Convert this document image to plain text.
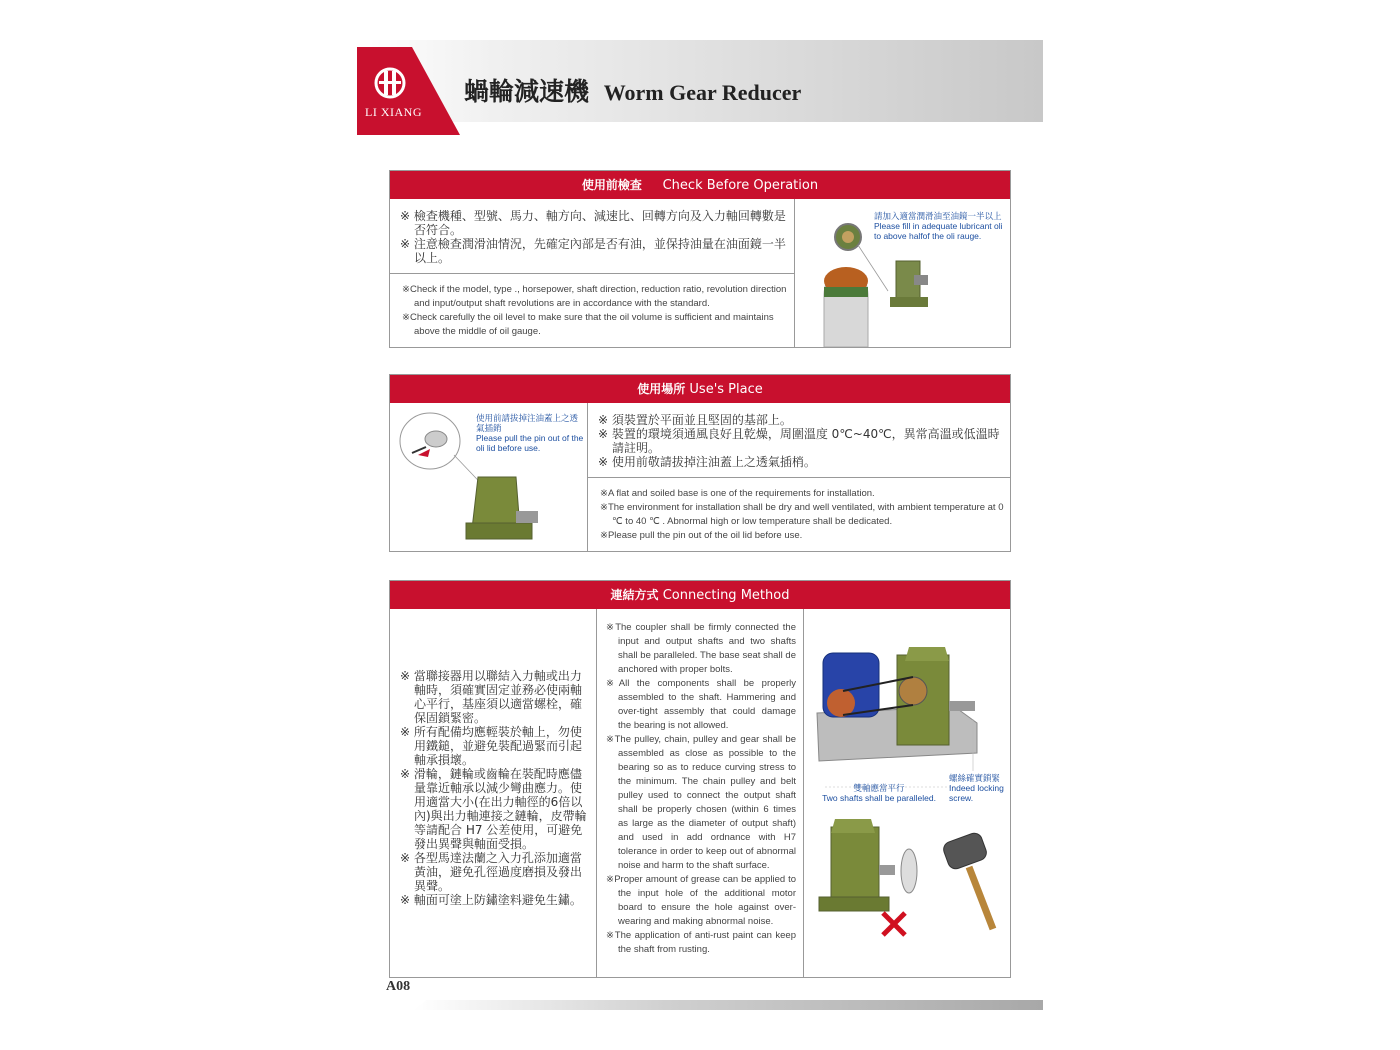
LI XIANG
蝸輪減速機 Worm Gear Reducer
使用前檢查 Check Before Operation
※ 檢查機種、型號、馬力、軸方向、減速比、回轉方向及入力軸回轉數是否符合。
※ 注意檢查潤滑油情況，先確定內部是否有油，並保持油量在油面鏡一半以上。
※Check if the model, type ., horsepower, shaft direction, reduction ratio, revolution direction and input/output shaft revolutions are in accordance with the standard.
※Check carefully the oil level to make sure that the oil volume is sufficient and maintains above the middle of oil gauge.
請加入適當潤滑油至油鏡一半以上
Please fill in adequate lubricant oli to above halfof the oli rauge.
使用場所 Use's Place
使用前請拔掉注油蓋上之透氣插銷
Please pull the pin out of the oli lid before use.
※ 須裝置於平面並且堅固的基部上。
※ 裝置的環境須通風良好且乾燥，周圍溫度 0℃~40℃，異常高溫或低溫時請註明。
※ 使用前敬請拔掉注油蓋上之透氣插梢。
※A flat and soiled base is one of the requirements for installation.
※The environment for installation shall be dry and well ventilated, with ambient temperature at 0 ℃ to 40 ℃ . Abnormal high or low temperature shall be dedicated.
※Please pull the pin out of the oil lid before use.
連結方式 Connecting Method
※ 當聯接器用以聯結入力軸或出力軸時，須確實固定並務必使兩軸心平行，基座須以適當螺栓，確保固鎖緊密。
※ 所有配備均應輕裝於軸上，勿使用鐵鎚，並避免裝配過緊而引起軸承損壞。
※ 滑輪，鏈輪或齒輪在裝配時應儘量靠近軸承以減少彎曲應力。使用適當大小(在出力軸徑的6倍以內)與出力軸連接之鏈輪，皮帶輪等請配合 H7 公差使用，可避免發出異聲與軸面受損。
※ 各型馬達法蘭之入力孔添加適當黃油，避免孔徑過度磨損及發出異聲。
※ 軸面可塗上防鏽塗料避免生鏽。
※The coupler shall be firmly connected the input and output shafts and two shafts shall be paralleled. The base seat shall de anchored with proper bolts.
※All the components shall be properly assembled to the shaft. Hammering and over-tight assembly that could damage the bearing is not allowed.
※The pulley, chain, pulley and gear shall be assembled as close as possible to the bearing so as to reduce curving stress to the minimum. The chain pulley and belt pulley used to connect the output shaft shall be properly chosen (within 6 times as large as the diameter of output shaft) and used in add ordnance with H7 tolerance in order to keep out of abnormal noise and harm to the shaft surface.
※Proper amount of grease can be applied to the input hole of the additional motor board to ensure the hole against over-wearing and making abnormal noise.
※The application of anti-rust paint can keep the shaft from rusting.
雙軸應當平行
Two shafts shall be paralleled.
螺絲確實鎖緊
Indeed locking screw.
A08
